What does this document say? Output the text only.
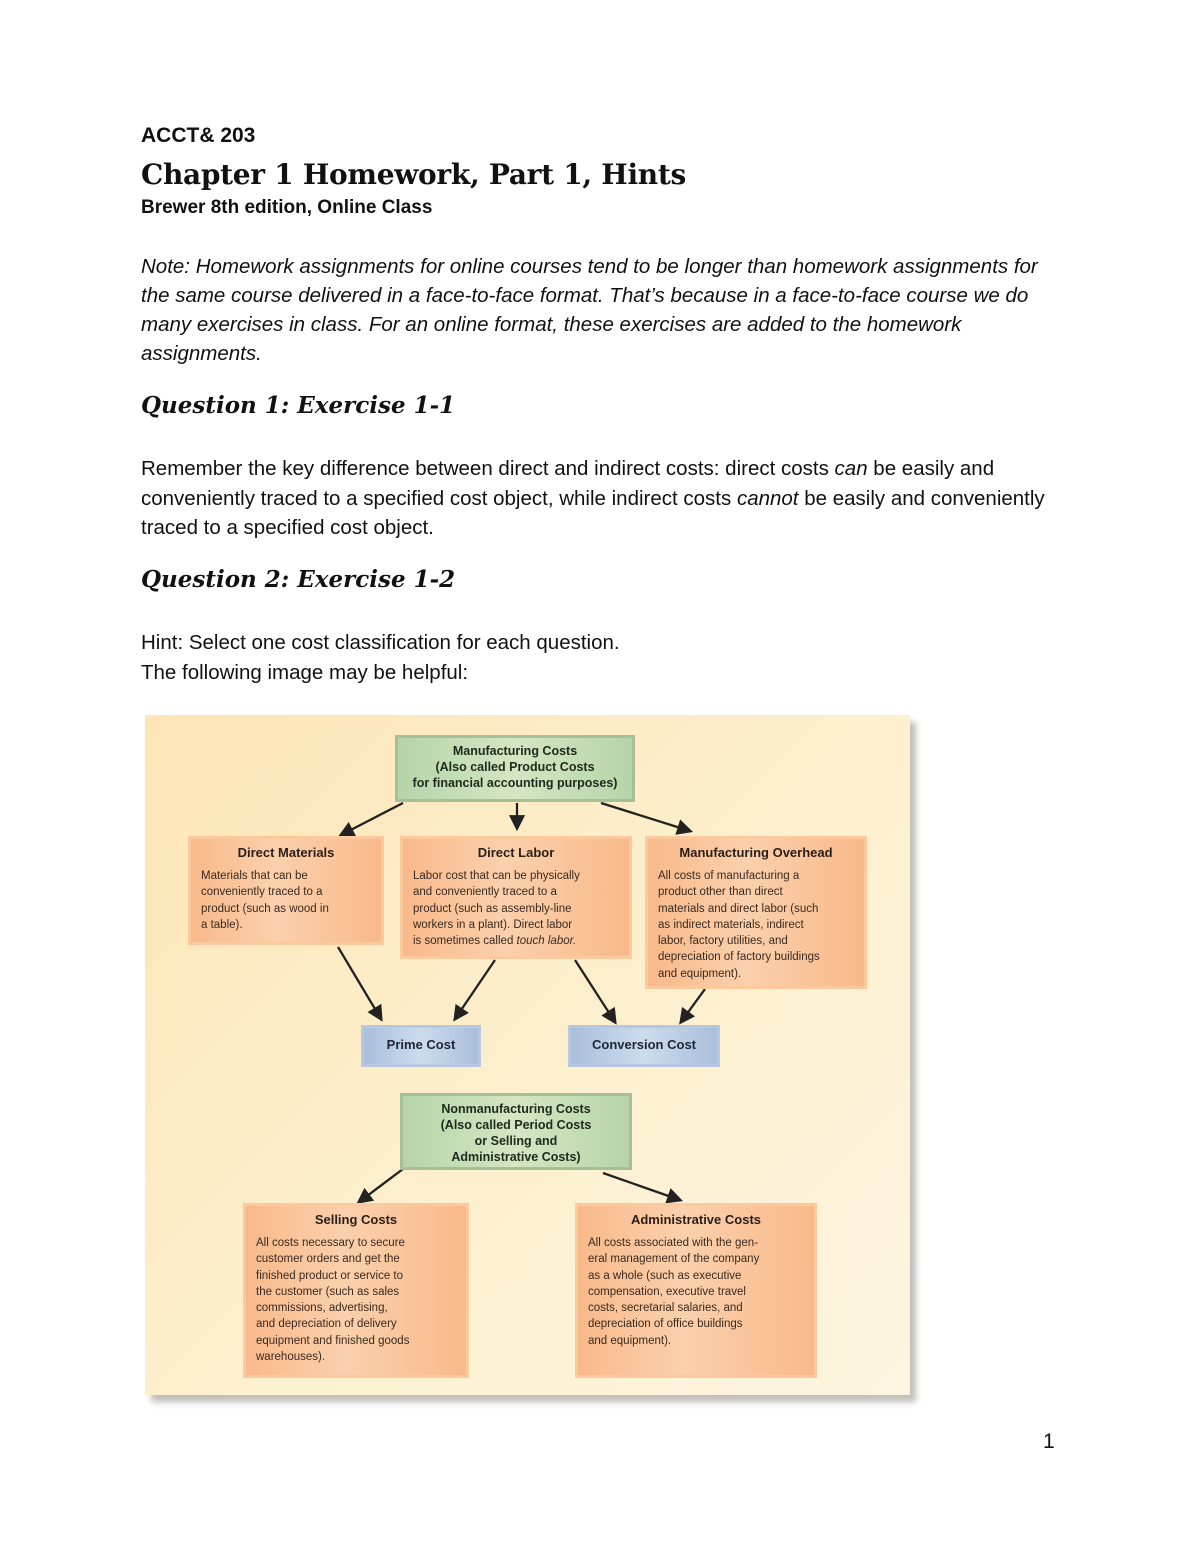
ACCT& 203
Chapter 1 Homework, Part 1, Hints
Brewer 8th edition, Online Class
Note: Homework assignments for online courses tend to be longer than homework assignments for the same course delivered in a face-to-face format. That’s because in a face-to-face course we do many exercises in class. For an online format, these exercises are added to the homework assignments.
Question 1: Exercise 1-1
Remember the key difference between direct and indirect costs: direct costs can be easily and conveniently traced to a specified cost object, while indirect costs cannot be easily and conveniently traced to a specified cost object.
Question 2: Exercise 1-2
Hint: Select one cost classification for each question.
The following image may be helpful:
Manufacturing Costs
(Also called Product Costs
for financial accounting purposes)
Direct Materials
Materials that can be
conveniently traced to a
product (such as wood in
a table).
Direct Labor
Labor cost that can be physically
and conveniently traced to a
product (such as assembly-line
workers in a plant). Direct labor
is sometimes called touch labor.
Manufacturing Overhead
All costs of manufacturing a
product other than direct
materials and direct labor (such
as indirect materials, indirect
labor, factory utilities, and
depreciation of factory buildings
and equipment).
Prime Cost	Conversion Cost
Nonmanufacturing Costs
(Also called Period Costs
or Selling and
Administrative Costs)
Selling Costs
All costs necessary to secure
customer orders and get the
finished product or service to
the customer (such as sales
commissions, advertising,
and depreciation of delivery
equipment and finished goods
warehouses).
Administrative Costs
All costs associated with the gen-
eral management of the company
as a whole (such as executive
compensation, executive travel
costs, secretarial salaries, and
depreciation of office buildings
and equipment).
1
